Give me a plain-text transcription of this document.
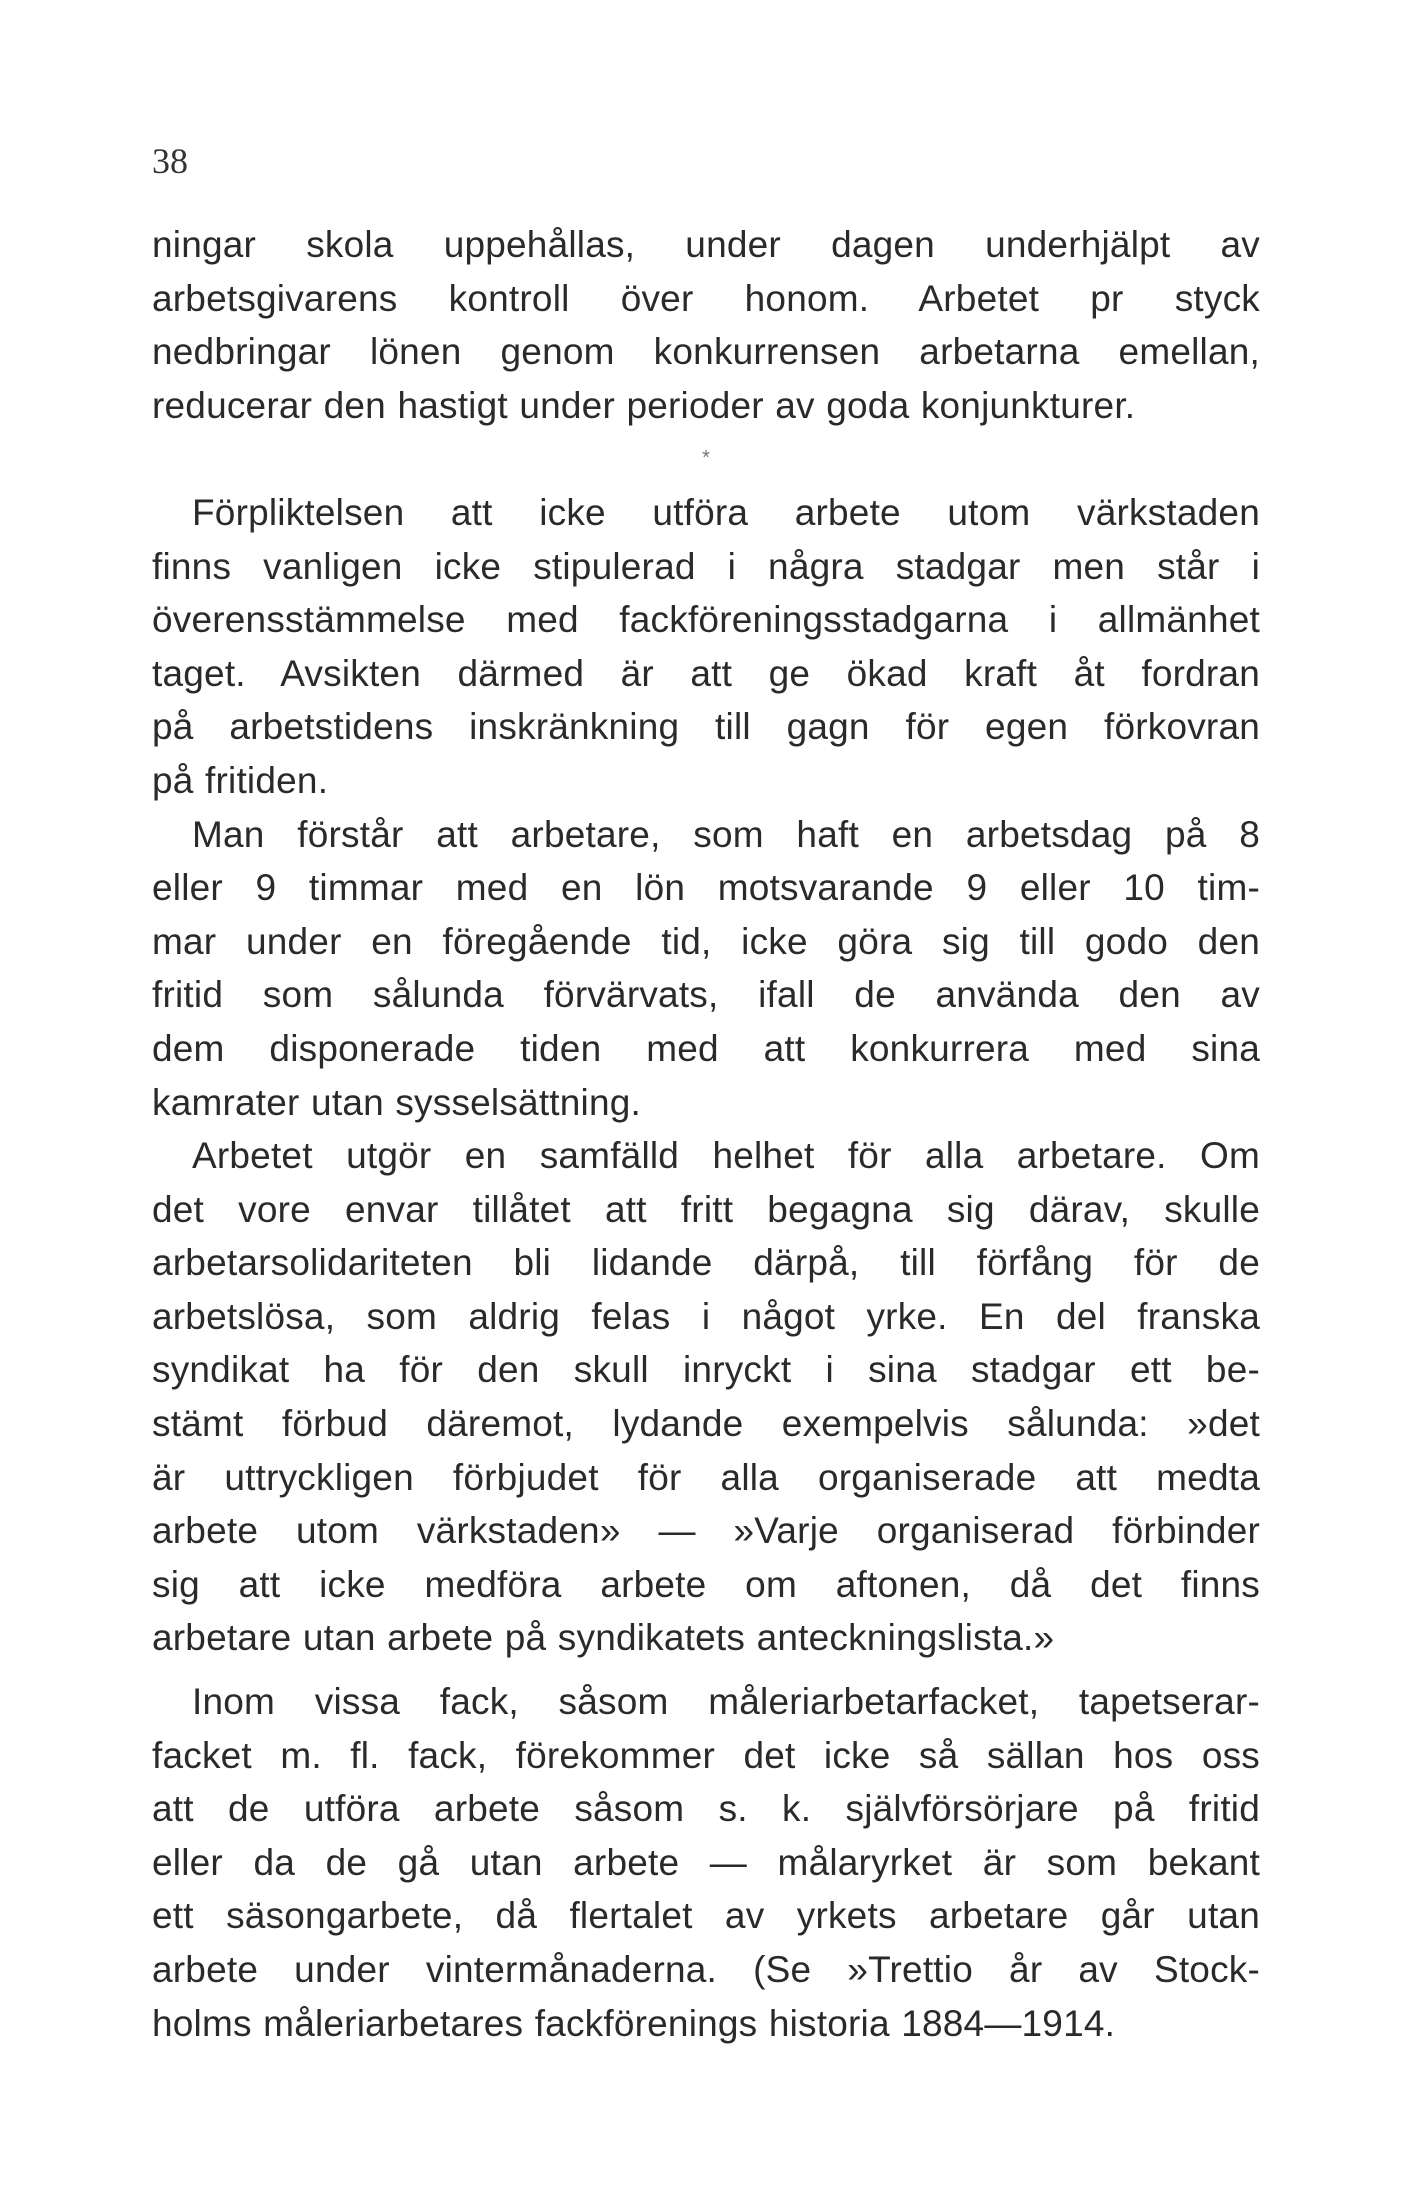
38
ningar skola uppehållas, under dagen underhjälpt av
arbetsgivarens kontroll över honom. Arbetet pr styck
nedbringar lönen genom konkurrensen arbetarna emellan,
reducerar den hastigt under perioder av goda konjunkturer.
*
Förpliktelsen att icke utföra arbete utom värkstaden
finns vanligen icke stipulerad i några stadgar men står i
överensstämmelse med fackföreningsstadgarna i allmänhet
taget. Avsikten därmed är att ge ökad kraft åt fordran
på arbetstidens inskränkning till gagn för egen förkovran
på fritiden.
Man förstår att arbetare, som haft en arbetsdag på 8
eller 9 timmar med en lön motsvarande 9 eller 10 tim-
mar under en föregående tid, icke göra sig till godo den
fritid som sålunda förvärvats, ifall de använda den av
dem disponerade tiden med att konkurrera med sina
kamrater utan sysselsättning.
Arbetet utgör en samfälld helhet för alla arbetare. Om
det vore envar tillåtet att fritt begagna sig därav, skulle
arbetarsolidariteten bli lidande därpå, till förfång för de
arbetslösa, som aldrig felas i något yrke. En del franska
syndikat ha för den skull inryckt i sina stadgar ett be-
stämt förbud däremot, lydande exempelvis sålunda: »det
är uttryckligen förbjudet för alla organiserade att medta
arbete utom värkstaden» — »Varje organiserad förbinder
sig att icke medföra arbete om aftonen, då det finns
arbetare utan arbete på syndikatets anteckningslista.»
Inom vissa fack, såsom måleriarbetarfacket, tapetserar-
facket m. fl. fack, förekommer det icke så sällan hos oss
att de utföra arbete såsom s. k. självförsörjare på fritid
eller da de gå utan arbete — målaryrket är som bekant
ett säsongarbete, då flertalet av yrkets arbetare går utan
arbete under vintermånaderna. (Se »Trettio år av Stock-
holms måleriarbetares fackförenings historia 1884—1914.
